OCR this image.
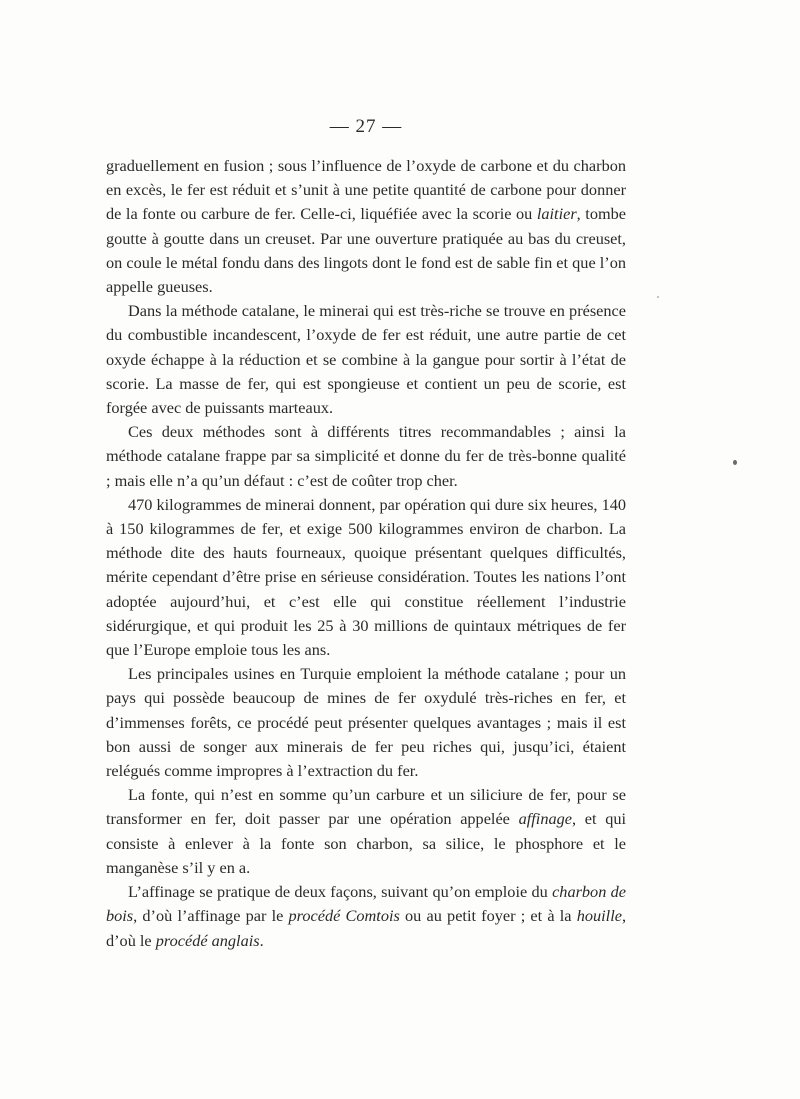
— 27 —

graduellement en fusion ; sous l’influence de l’oxyde de carbone et du charbon en excès, le fer est réduit et s’unit à une petite quantité de carbone pour donner de la fonte ou carbure de fer. Celle-ci, liquéfiée avec la scorie ou laitier, tombe goutte à goutte dans un creuset. Par une ouverture pratiquée au bas du creuset, on coule le métal fondu dans des lingots dont le fond est de sable fin et que l’on appelle gueuses.

Dans la méthode catalane, le minerai qui est très-riche se trouve en présence du combustible incandescent, l’oxyde de fer est réduit, une autre partie de cet oxyde échappe à la réduction et se combine à la gangue pour sortir à l’état de scorie. La masse de fer, qui est spongieuse et contient un peu de scorie, est forgée avec de puissants marteaux.

Ces deux méthodes sont à différents titres recommandables ; ainsi la méthode catalane frappe par sa simplicité et donne du fer de très-bonne qualité ; mais elle n’a qu’un défaut : c’est de coûter trop cher.

470 kilogrammes de minerai donnent, par opération qui dure six heures, 140 à 150 kilogrammes de fer, et exige 500 kilogrammes environ de charbon. La méthode dite des hauts fourneaux, quoique présentant quelques difficultés, mérite cependant d’être prise en sérieuse considération. Toutes les nations l’ont adoptée aujourd’hui, et c’est elle qui constitue réellement l’industrie sidérurgique, et qui produit les 25 à 30 millions de quintaux métriques de fer que l’Europe emploie tous les ans.

Les principales usines en Turquie emploient la méthode catalane ; pour un pays qui possède beaucoup de mines de fer oxydulé très-riches en fer, et d’immenses forêts, ce procédé peut présenter quelques avantages ; mais il est bon aussi de songer aux minerais de fer peu riches qui, jusqu’ici, étaient relégués comme impropres à l’extraction du fer.

La fonte, qui n’est en somme qu’un carbure et un siliciure de fer, pour se transformer en fer, doit passer par une opération appelée affinage, et qui consiste à enlever à la fonte son charbon, sa silice, le phosphore et le manganèse s’il y en a.

L’affinage se pratique de deux façons, suivant qu’on emploie du charbon de bois, d’où l’affinage par le procédé Comtois ou au petit foyer ; et à la houille, d’où le procédé anglais.
